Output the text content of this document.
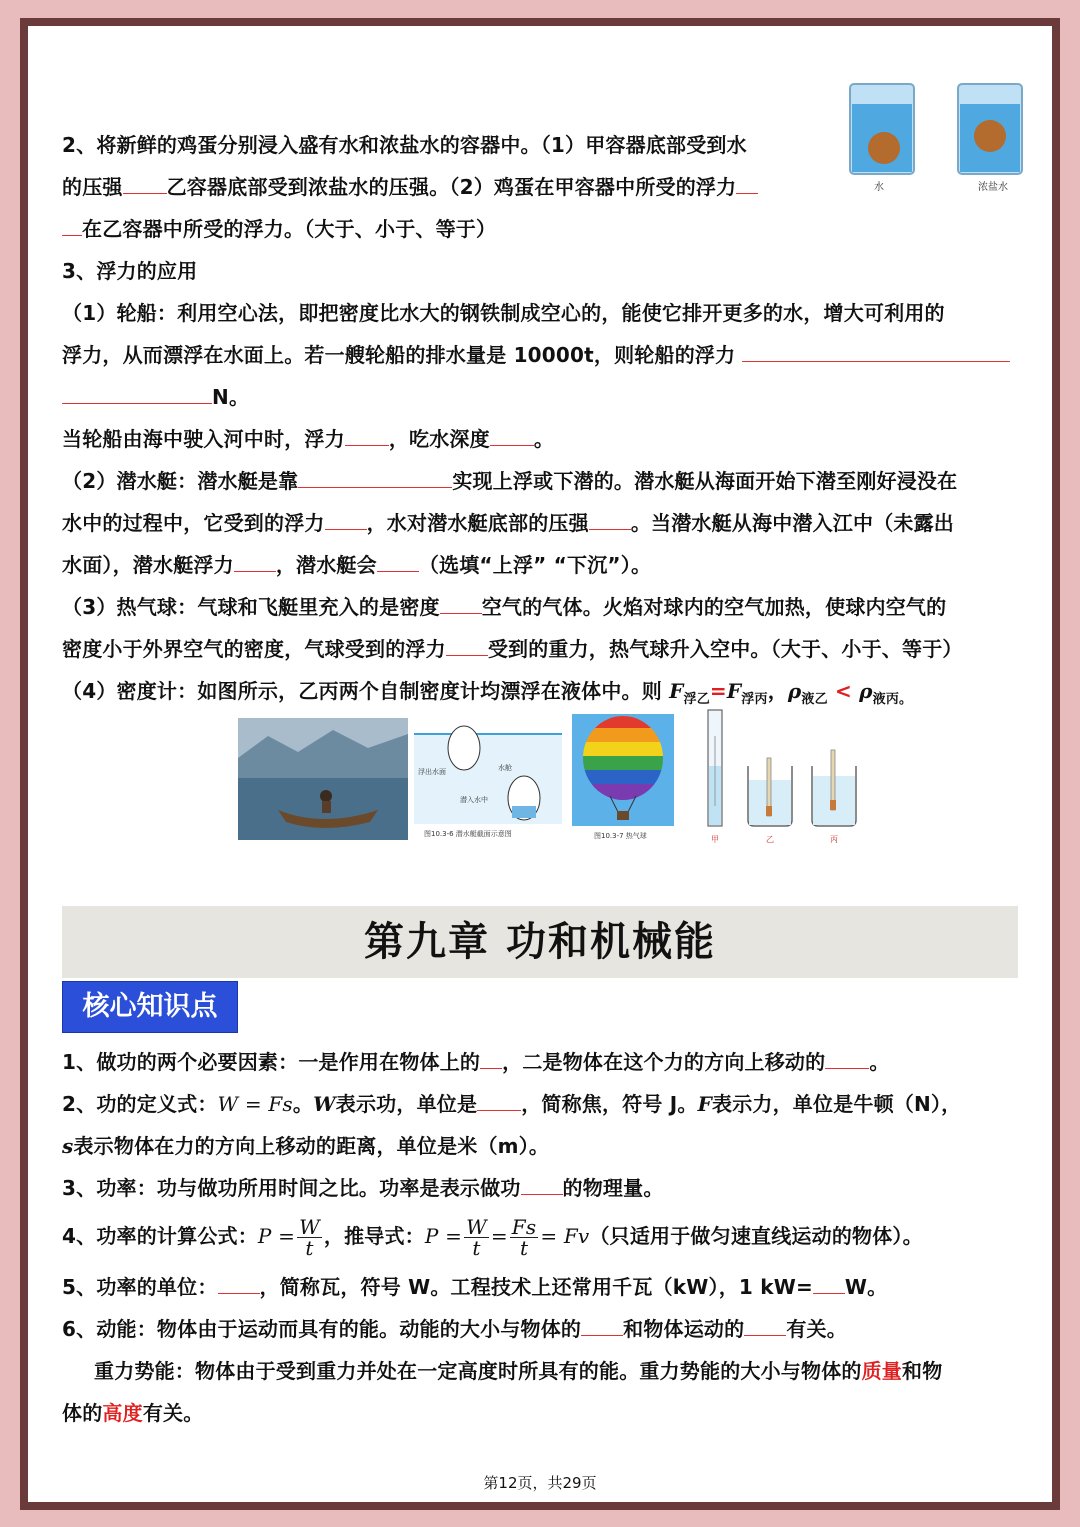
水	浓盐水
2、将新鲜的鸡蛋分别浸入盛有水和浓盐水的容器中。（1）甲容器底部受到水
的压强 乙容器底部受到浓盐水的压强。（2）鸡蛋在甲容器中所受的浮力
在乙容器中所受的浮力。（大于、小于、等于）
3、浮力的应用
（1）轮船：利用空心法，即把密度比水大的钢铁制成空心的，能使它排开更多的水，增大可利用的
浮力，从而漂浮在水面上。若一艘轮船的排水量是 10000t，则轮船的浮力
N。
当轮船由海中驶入河中时，浮力 ，吃水深度 。
（2）潜水艇：潜水艇是靠	实现上浮或下潜的。潜水艇从海面开始下潜至刚好浸没在
水中的过程中，它受到的浮力 ，水对潜水艇底部的压强 。当潜水艇从海中潜入江中（未露出
水面），潜水艇浮力 ，潜水艇会 （选填“上浮” “下沉”）。
（3）热气球：气球和飞艇里充入的是密度 空气的气体。火焰对球内的空气加热，使球内空气的
密度小于外界空气的密度，气球受到的浮力 受到的重力，热气球升入空中。（大于、小于、等于）
（4）密度计：如图所示，乙丙两个自制密度计均漂浮在液体中。则 $F_{浮乙}=F_{浮丙}$，$\rho_{液乙} < \rho_{液丙。}$
浮出水面	水舱
潜入水中
图10.3-6 潜水艇截面示意图	图10.3-7 热气球	甲	乙	丙
第九章 功和机械能
核心知识点
1、做功的两个必要因素：一是作用在物体上的 ，二是物体在这个力的方向上移动的 。
2、功的定义式：W = Fs。W表示功，单位是 ，简称焦，符号 J。F表示力，单位是牛顿（N），
s表示物体在力的方向上移动的距离，单位是米（m）。
3、功率：功与做功所用时间之比。功率是表示做功 的物理量。
4、功率的计算公式：$P = \frac{W}{t}$ ，推导式：$P = \frac{W}{t} = \frac{Fs}{t} = Fv$（只适用于做匀速直线运动的物体）。
5、功率的单位： ，简称瓦，符号 W。工程技术上还常用千瓦（kW），1 kW= W。
6、动能：物体由于运动而具有的能。动能的大小与物体的 和物体运动的 有关。
重力势能：物体由于受到重力并处在一定高度时所具有的能。重力势能的大小与物体的质量和物
体的高度有关。
第12页，共29页
